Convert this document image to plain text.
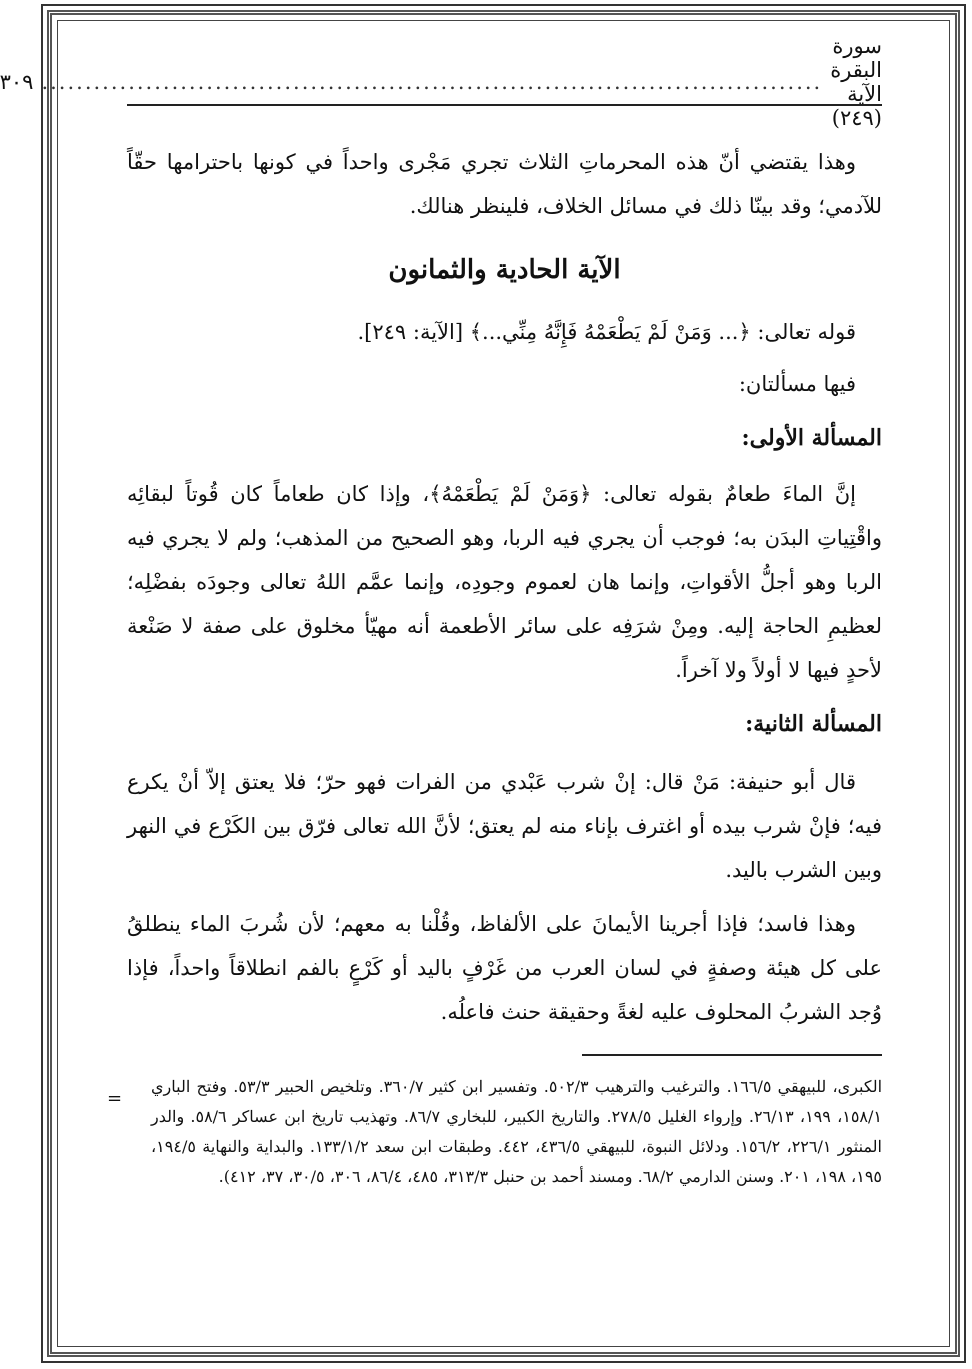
سورة البقرة الآية (٢٤٩)
..........................................................................................
٣٠٩

وهذا يقتضي أنّ هذه المحرماتِ الثلاث تجري مَجْرى واحداً في كونها باحترامها حقّاً للآدمي؛ وقد بينّا ذلك في مسائل الخلاف، فلينظر هنالك.

الآية الحادية والثمانون

قوله تعالى: ﴿... وَمَنْ لَمْ يَطْعَمْهُ فَإِنَّهُ مِنِّي...﴾ [الآية: ٢٤٩].

فيها مسألتان:

المسألة الأولى:

إنَّ الماءَ طعامٌ بقوله تعالى: ﴿وَمَنْ لَمْ يَطْعَمْهُ﴾، وإذا كان طعاماً كان قُوتاً لبقائِه واقْتِياتِ البدَن به؛ فوجب أن يجري فيه الربا، وهو الصحيح من المذهب؛ ولم لا يجري فيه الربا وهو أجلُّ الأقواتِ، وإنما هان لعموم وجودِه، وإنما عمَّم اللهُ تعالى وجودَه بفضْلِه؛ لعظيمِ الحاجة إليه. ومِنْ شرَفِه على سائر الأطعمة أنه مهيّأ مخلوق على صفة لا صَنْعة لأحدٍ فيها لا أولاً ولا آخراً.

المسألة الثانية:

قال أبو حنيفة: مَنْ قال: إنْ شرب عَبْدي من الفرات فهو حرّ؛ فلا يعتق إلاّ أنْ يكرع فيه؛ فإنْ شرب بيده أو اغترف بإناء منه لم يعتق؛ لأنَّ الله تعالى فرّق بين الكَرْع في النهر وبين الشرب باليد.

وهذا فاسد؛ فإذا أجرينا الأيمانَ على الألفاظ، وقُلْنا به معهم؛ لأن شُربَ الماء ينطلقُ على كل هيئة وصفةٍ في لسان العرب من غَرْفٍ باليد أو كَرْعٍ بالفم انطلاقاً واحداً، فإذا وُجد الشربُ المحلوف عليه لغةً وحقيقة حنث فاعلُه.

=

الكبرى، للبيهقي ١٦٦/٥. والترغيب والترهيب ٥٠٢/٣. وتفسير ابن كثير ٣٦٠/٧. وتلخيص الحبير ٥٣/٣. وفتح الباري ١٥٨/١، ١٩٩، ٢٦/١٣. وإرواء الغليل ٢٧٨/٥. والتاريخ الكبير، للبخاري ٨٦/٧. وتهذيب تاريخ ابن عساكر ٥٨/٦. والدر المنثور ٢٢٦/١، ١٥٦/٢. ودلائل النبوة، للبيهقي ٤٣٦/٥، ٤٤٢. وطبقات ابن سعد ١٣٣/١/٢. والبداية والنهاية ١٩٤/٥، ١٩٥، ١٩٨، ٢٠١. وسنن الدارمي ٦٨/٢. ومسند أحمد بن حنبل ٣١٣/٣، ٤٨٥، ٨٦/٤، ٣٠٦، ٣٠/٥، ٣٧، ٤١٢).
